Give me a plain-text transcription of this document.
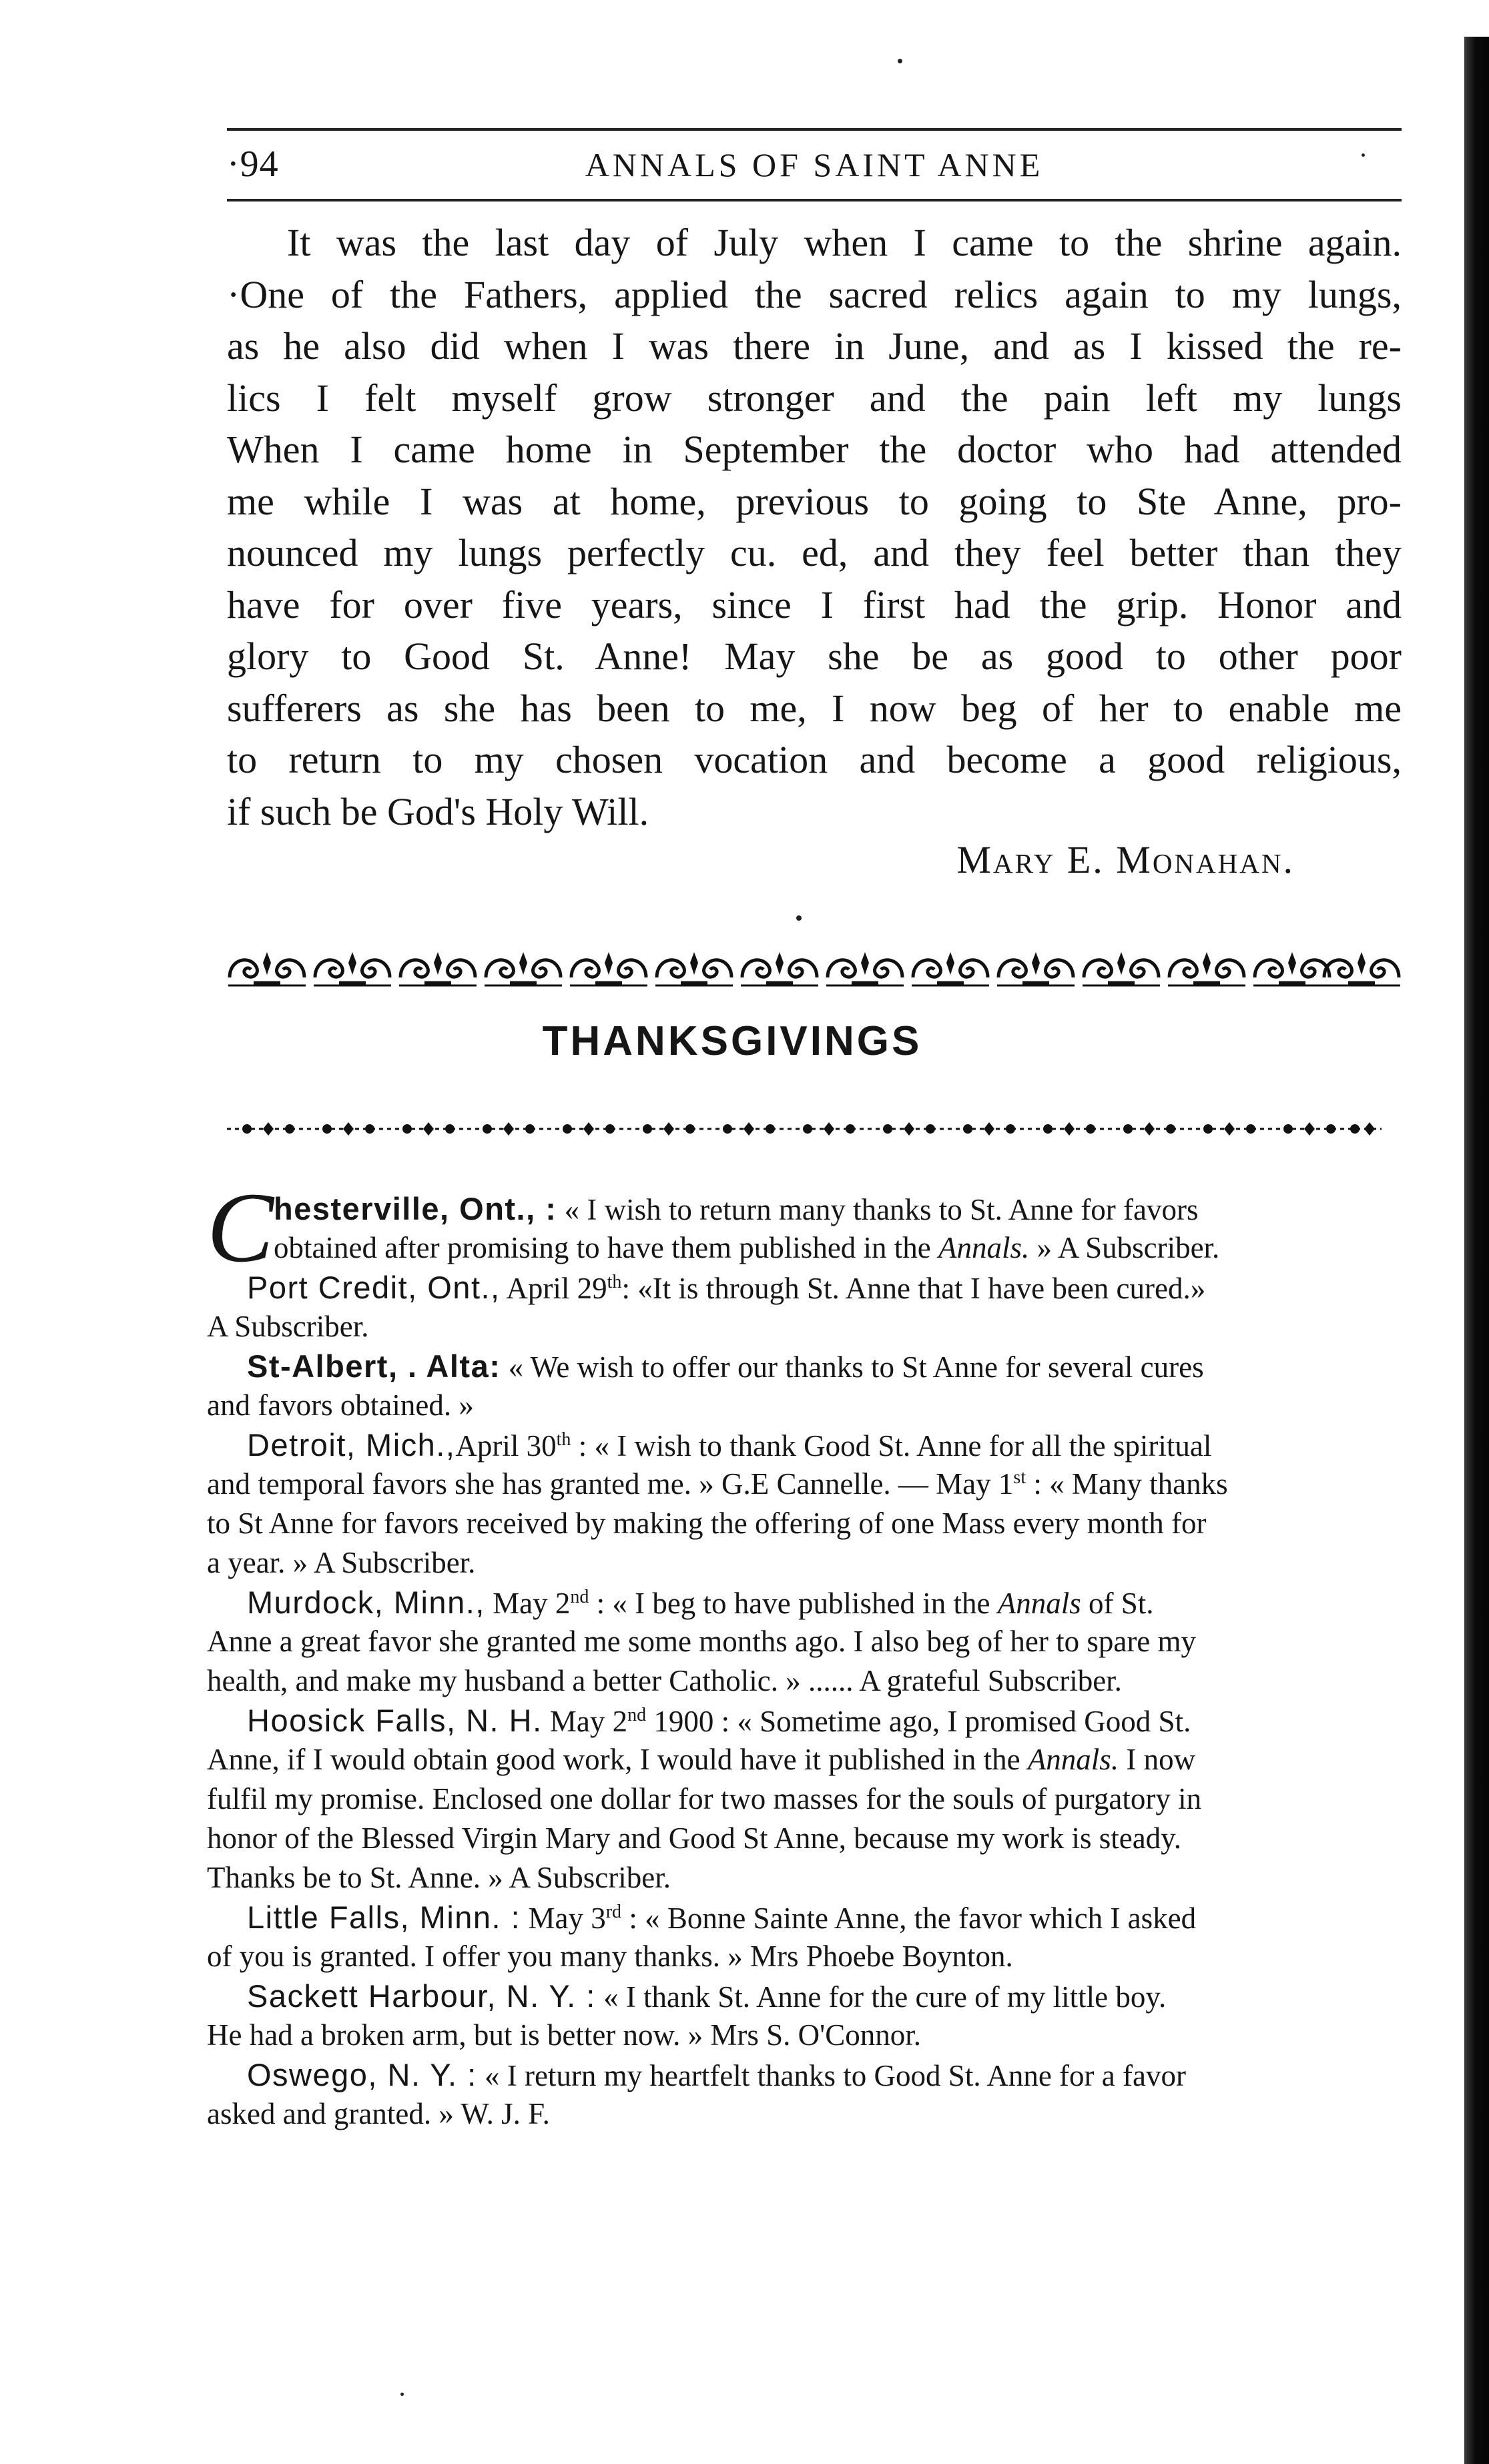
·94	ANNALS OF SAINT ANNE
It was the last day of July when I came to the shrine again.
·One of the Fathers, applied the sacred relics again to my lungs,
as he also did when I was there in June, and as I kissed the re-
lics I felt myself grow stronger and the pain left my lungs
When I came home in September the doctor who had attended
me while I was at home, previous to going to Ste Anne, pro-
nounced my lungs perfectly cu. ed, and they feel better than they
have for over five years, since I first had the grip. Honor and
glory to Good St. Anne! May she be as good to other poor
sufferers as she has been to me, I now beg of her to enable me
to return to my chosen vocation and become a good religious,
if such be God's Holy Will.
Mary E. Monahan.
THANKSGIVINGS
C hesterville, Ont., : « I wish to return many thanks to St. Anne for favors
obtained after promising to have them published in the Annals. » A Subscriber.
Port Credit, Ont., April 29th: «It is through St. Anne that I have been cured.»
A Subscriber.
St-Albert, . Alta: « We wish to offer our thanks to St Anne for several cures
and favors obtained. »
Detroit, Mich.,April 30th : « I wish to thank Good St. Anne for all the spiritual
and temporal favors she has granted me. » G.E Cannelle. — May 1st : « Many thanks
to St Anne for favors received by making the offering of one Mass every month for
a year. » A Subscriber.
Murdock, Minn., May 2nd : « I beg to have published in the Annals of St.
Anne a great favor she granted me some months ago. I also beg of her to spare my
health, and make my husband a better Catholic. » ...... A grateful Subscriber.
Hoosick Falls, N. H. May 2nd 1900 : « Sometime ago, I promised Good St.
Anne, if I would obtain good work, I would have it published in the Annals. I now
fulfil my promise. Enclosed one dollar for two masses for the souls of purgatory in
honor of the Blessed Virgin Mary and Good St Anne, because my work is steady.
Thanks be to St. Anne. » A Subscriber.
Little Falls, Minn. : May 3rd : « Bonne Sainte Anne, the favor which I asked
of you is granted. I offer you many thanks. » Mrs Phoebe Boynton.
Sackett Harbour, N. Y. : « I thank St. Anne for the cure of my little boy.
He had a broken arm, but is better now. » Mrs S. O'Connor.
Oswego, N. Y. : « I return my heartfelt thanks to Good St. Anne for a favor
asked and granted. » W. J. F.
